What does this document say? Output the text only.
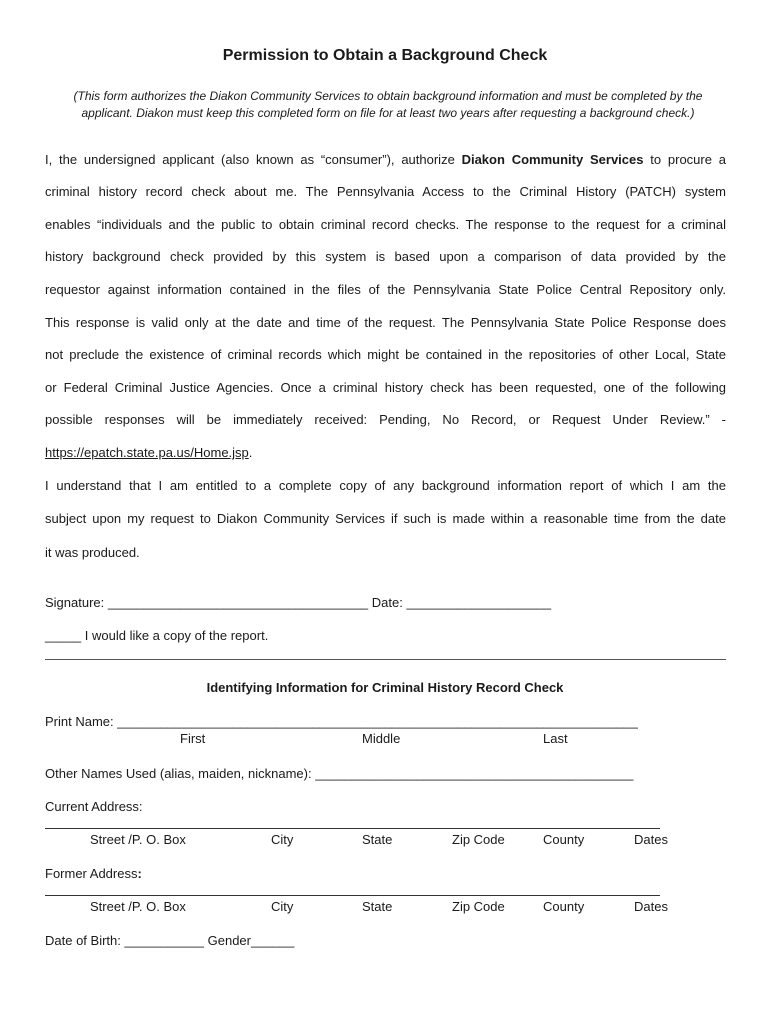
Permission to Obtain a Background Check
(This form authorizes the Diakon Community Services to obtain background information and must be completed by the applicant. Diakon must keep this completed form on file for at least two years after requesting a background check.)
I, the undersigned applicant (also known as “consumer”), authorize Diakon Community Services to procure a
criminal history record check about me. The Pennsylvania Access to the Criminal History (PATCH) system
enables “individuals and the public to obtain criminal record checks. The response to the request for a criminal
history background check provided by this system is based upon a comparison of data provided by the
requestor against information contained in the files of the Pennsylvania State Police Central Repository only.
This response is valid only at the date and time of the request. The Pennsylvania State Police Response does
not preclude the existence of criminal records which might be contained in the repositories of other Local, State
or Federal Criminal Justice Agencies. Once a criminal history check has been requested, one of the following
possible responses will be immediately received: Pending, No Record, or Request Under Review.” -
https://epatch.state.pa.us/Home.jsp.
I understand that I am entitled to a complete copy of any background information report of which I am the
subject upon my request to Diakon Community Services if such is made within a reasonable time from the date
it was produced.
Signature: ____________________________________ Date: ____________________
_____ I would like a copy of the report.
Identifying Information for Criminal History Record Check
Print Name: ________________________________________________________________________
First	Middle	Last
Other Names Used (alias, maiden, nickname): ____________________________________________
Current Address:
Street /P. O. Box	City	State	Zip Code	County	Dates
Former Address:
Street /P. O. Box	City	State	Zip Code	County	Dates
Date of Birth: ___________ Gender______
